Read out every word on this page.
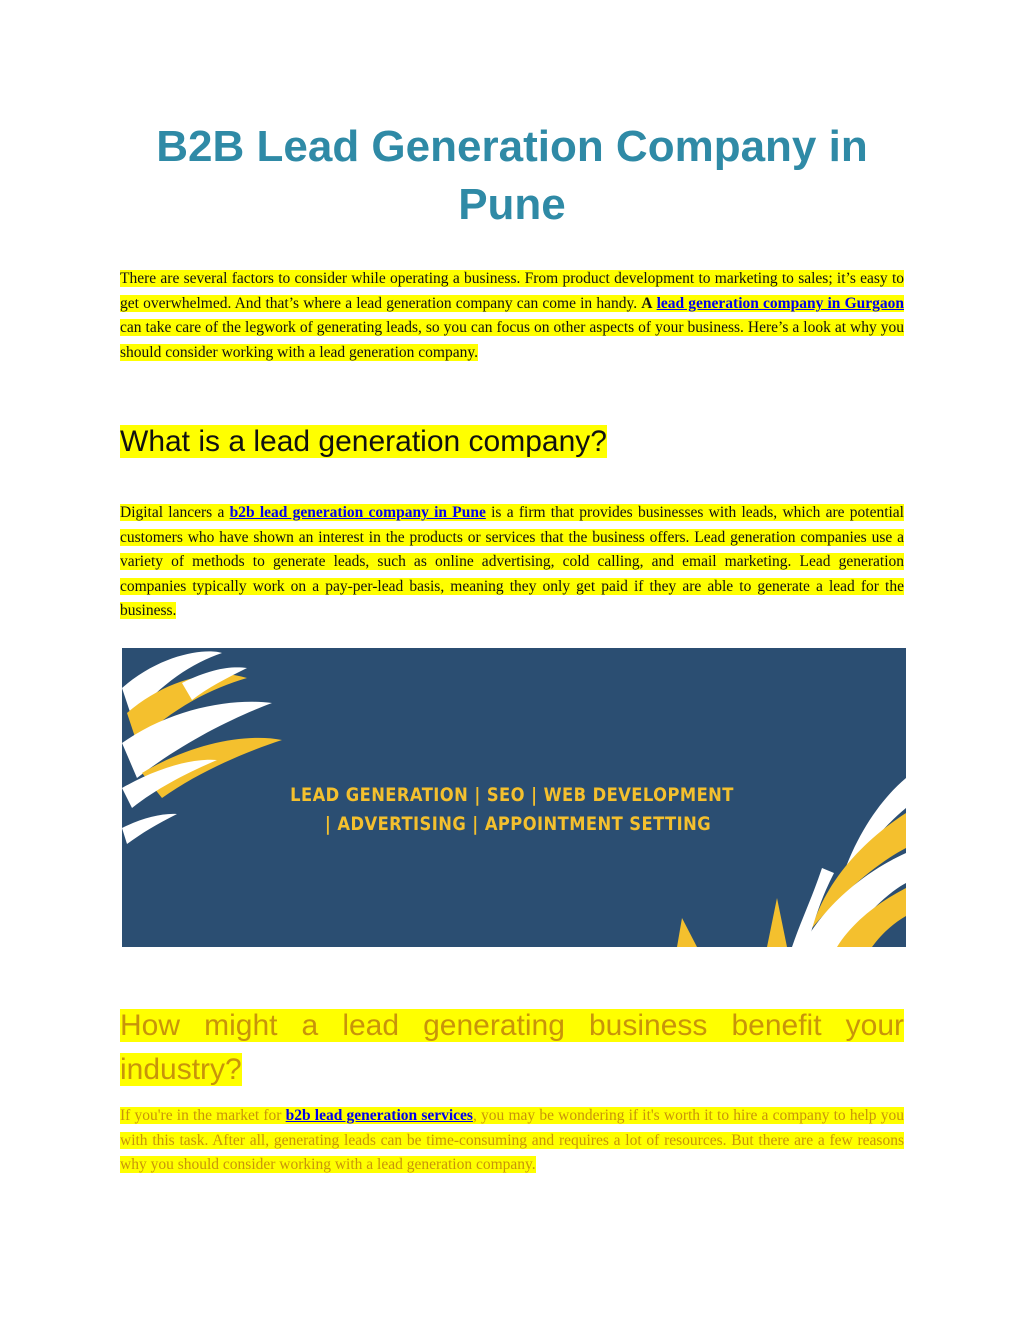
B2B Lead Generation Company in Pune

There are several factors to consider while operating a business. From product development to marketing to sales; it’s easy to get overwhelmed. And that’s where a lead generation company can come in handy. A lead generation company in Gurgaon can take care of the legwork of generating leads, so you can focus on other aspects of your business. Here’s a look at why you should consider working with a lead generation company.

What is a lead generation company?

Digital lancers a b2b lead generation company in Pune is a firm that provides businesses with leads, which are potential customers who have shown an interest in the products or services that the business offers. Lead generation companies use a variety of methods to generate leads, such as online advertising, cold calling, and email marketing. Lead generation companies typically work on a pay-per-lead basis, meaning they only get paid if they are able to generate a lead for the business.

How might a lead generating business benefit your industry?

If you're in the market for b2b lead generation services, you may be wondering if it's worth it to hire a company to help you with this task. After all, generating leads can be time-consuming and requires a lot of resources. But there are a few reasons why you should consider working with a lead generation company.

LEAD GENERATION | SEO | WEB DEVELOPMENT
| ADVERTISING | APPOINTMENT SETTING
